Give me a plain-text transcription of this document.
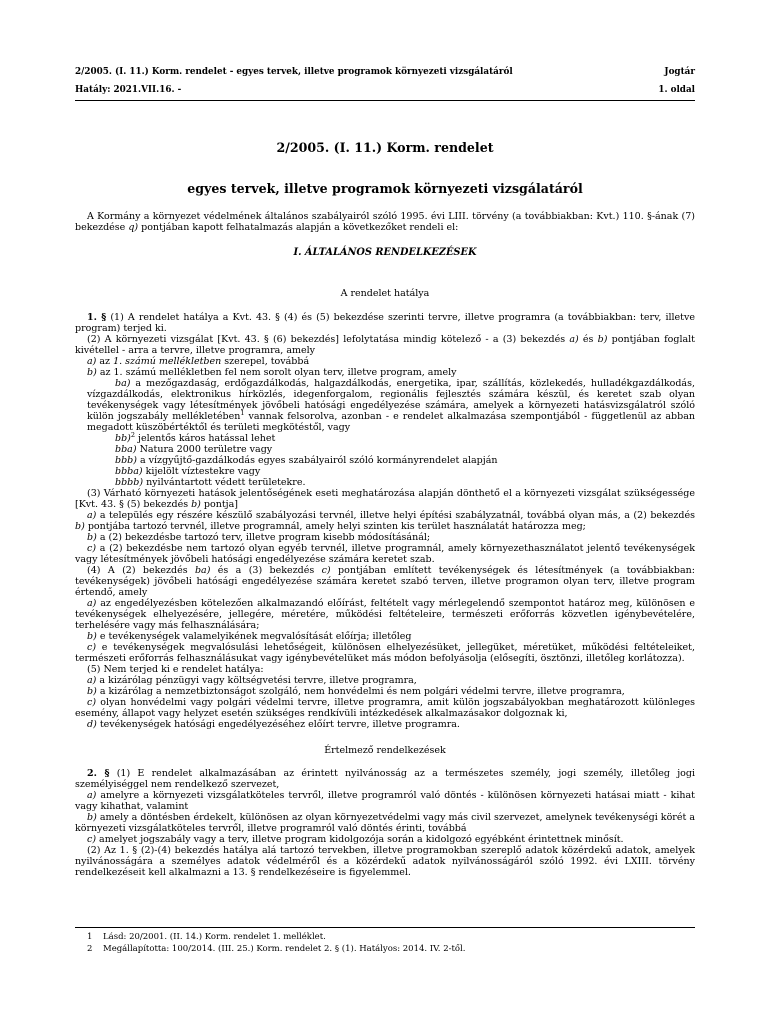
2/2005. (I. 11.) Korm. rendelet - egyes tervek, illetve programok környezeti vizsgálatáról	Jogtár
Hatály: 2021.VII.16. -	1. oldal
2/2005. (I. 11.) Korm. rendelet
egyes tervek, illetve programok környezeti vizsgálatáról

A Kormány a környezet védelmének általános szabályairól szóló 1995. évi LIII. törvény (a továbbiakban: Kvt.) 110. §-ának (7) bekezdése q) pontjában kapott felhatalmazás alapján a következőket rendeli el:

I. ÁLTALÁNOS RENDELKEZÉSEK

A rendelet hatálya

1. § (1) A rendelet hatálya a Kvt. 43. § (4) és (5) bekezdése szerinti tervre, illetve programra (a továbbiakban: terv, illetve program) terjed ki.

(2) A környezeti vizsgálat [Kvt. 43. § (6) bekezdés] lefolytatása mindig kötelező - a (3) bekezdés a) és b) pontjában foglalt kivétellel - arra a tervre, illetve programra, amely

a) az 1. számú mellékletben szerepel, továbbá

b) az 1. számú mellékletben fel nem sorolt olyan terv, illetve program, amely

ba) a mezőgazdaság, erdőgazdálkodás, halgazdálkodás, energetika, ipar, szállítás, közlekedés, hulladékgazdálkodás, vízgazdálkodás, elektronikus hírközlés, idegenforgalom, regionális fejlesztés számára készül, és keretet szab olyan tevékenységek vagy létesítmények jövőbeli hatósági engedélyezése számára, amelyek a környezeti hatásvizsgálatról szóló külön jogszabály mellékletében$^1$ vannak felsorolva, azonban - e rendelet alkalmazása szempontjából - függetlenül az abban megadott küszöbértéktől és területi megkötéstől, vagy

bb)$^2$ jelentős káros hatással lehet

bba) Natura 2000 területre vagy

bbb) a vízgyűjtő-gazdálkodás egyes szabályairól szóló kormányrendelet alapján

bbba) kijelölt víztestekre vagy

bbbb) nyilvántartott védett területekre.

(3) Várható környezeti hatások jelentőségének eseti meghatározása alapján dönthető el a környezeti vizsgálat szükségessége [Kvt. 43. § (5) bekezdés b) pontja]

a) a település egy részére készülő szabályozási tervnél, illetve helyi építési szabályzatnál, továbbá olyan más, a (2) bekezdés b) pontjába tartozó tervnél, illetve programnál, amely helyi szinten kis terület használatát határozza meg;

b) a (2) bekezdésbe tartozó terv, illetve program kisebb módosításánál;

c) a (2) bekezdésbe nem tartozó olyan egyéb tervnél, illetve programnál, amely környezethasználatot jelentő tevékenységek vagy létesítmények jövőbeli hatósági engedélyezése számára keretet szab.

(4) A (2) bekezdés ba) és a (3) bekezdés c) pontjában említett tevékenységek és létesítmények (a továbbiakban: tevékenységek) jövőbeli hatósági engedélyezése számára keretet szabó terven, illetve programon olyan terv, illetve program értendő, amely

a) az engedélyezésben kötelezően alkalmazandó előírást, feltételt vagy mérlegelendő szempontot határoz meg, különösen e tevékenységek elhelyezésére, jellegére, méretére, működési feltételeire, természeti erőforrás közvetlen igénybevételére, terhelésére vagy más felhasználására;

b) e tevékenységek valamelyikének megvalósítását előírja; illetőleg

c) e tevékenységek megvalósulási lehetőségeit, különösen elhelyezésüket, jellegüket, méretüket, működési feltételeiket, természeti erőforrás felhasználásukat vagy igénybevételüket más módon befolyásolja (elősegíti, ösztönzi, illetőleg korlátozza).

(5) Nem terjed ki e rendelet hatálya:

a) a kizárólag pénzügyi vagy költségvetési tervre, illetve programra,

b) a kizárólag a nemzetbiztonságot szolgáló, nem honvédelmi és nem polgári védelmi tervre, illetve programra,

c) olyan honvédelmi vagy polgári védelmi tervre, illetve programra, amit külön jogszabályokban meghatározott különleges esemény, állapot vagy helyzet esetén szükséges rendkívüli intézkedések alkalmazásakor dolgoznak ki,

d) tevékenységek hatósági engedélyezéséhez előírt tervre, illetve programra.

Értelmező rendelkezések

2. § (1) E rendelet alkalmazásában az érintett nyilvánosság az a természetes személy, jogi személy, illetőleg jogi személyiséggel nem rendelkező szervezet,

a) amelyre a környezeti vizsgálatköteles tervről, illetve programról való döntés - különösen környezeti hatásai miatt - kihat vagy kihathat, valamint

b) amely a döntésben érdekelt, különösen az olyan környezetvédelmi vagy más civil szervezet, amelynek tevékenységi körét a környezeti vizsgálatköteles tervről, illetve programról való döntés érinti, továbbá

c) amelyet jogszabály vagy a terv, illetve program kidolgozója során a kidolgozó egyébként érintettnek minősít.

(2) Az 1. § (2)-(4) bekezdés hatálya alá tartozó tervekben, illetve programokban szereplő adatok közérdekű adatok, amelyek nyilvánosságára a személyes adatok védelméről és a közérdekű adatok nyilvánosságáról szóló 1992. évi LXIII. törvény rendelkezéseit kell alkalmazni a 13. § rendelkezéseire is figyelemmel.

1 Lásd: 20/2001. (II. 14.) Korm. rendelet 1. melléklet.

2 Megállapította: 100/2014. (III. 25.) Korm. rendelet 2. § (1). Hatályos: 2014. IV. 2-től.
